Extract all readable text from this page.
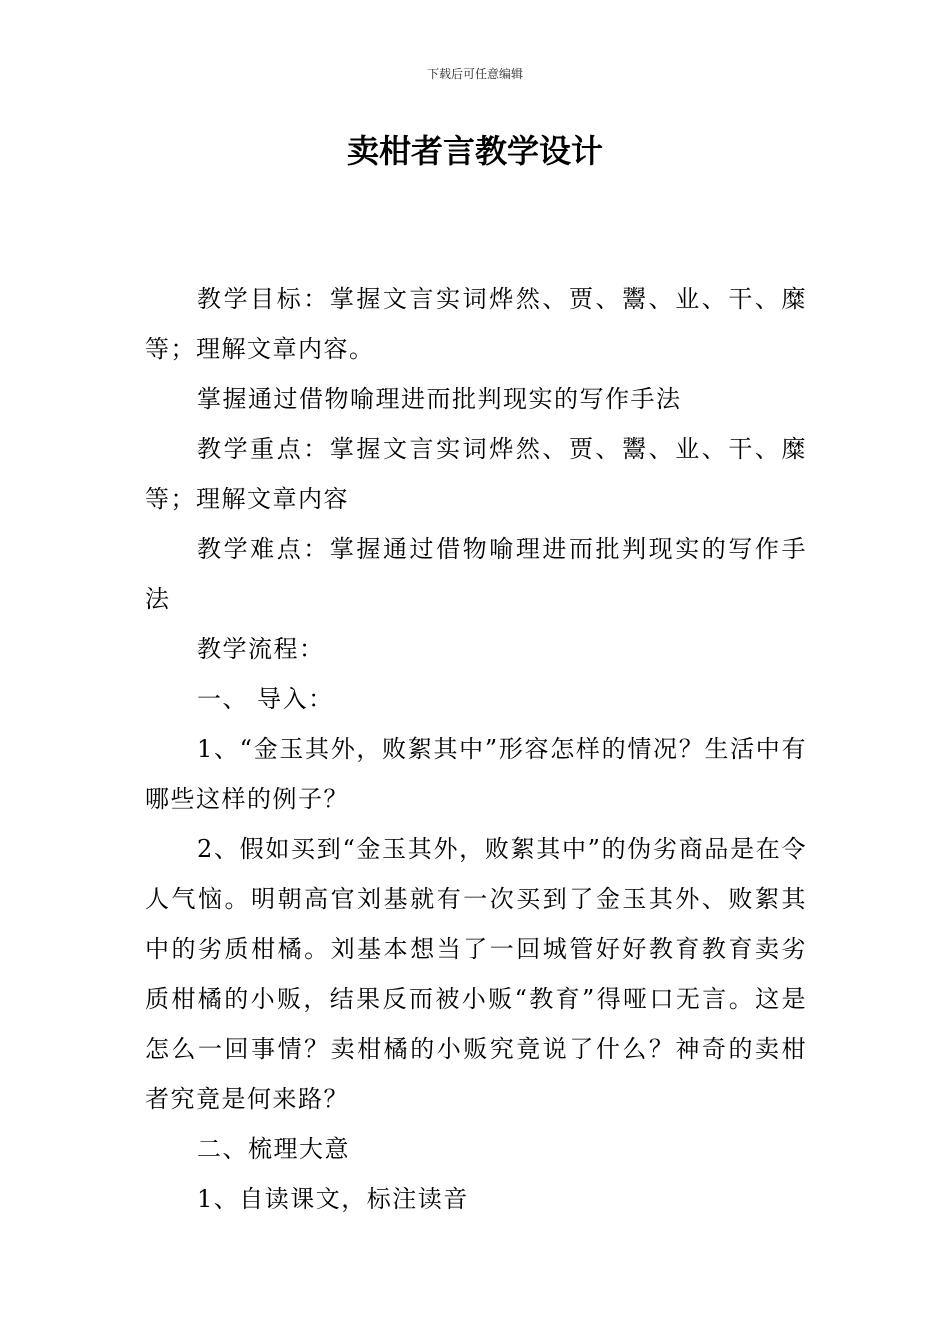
下载后可任意编辑
卖柑者言教学设计

教学目标：掌握文言实词烨然、贾、鬻、业、干、糜等；理解文章内容。

掌握通过借物喻理进而批判现实的写作手法

教学重点：掌握文言实词烨然、贾、鬻、业、干、糜等；理解文章内容

教学难点：掌握通过借物喻理进而批判现实的写作手法

教学流程：

一、 导入：

1、“金玉其外，败絮其中”形容怎样的情况？生活中有哪些这样的例子？

2、假如买到“金玉其外，败絮其中”的伪劣商品是在令人气恼。明朝高官刘基就有一次买到了金玉其外、败絮其中的劣质柑橘。刘基本想当了一回城管好好教育教育卖劣质柑橘的小贩，结果反而被小贩“教育”得哑口无言。这是怎么一回事情？卖柑橘的小贩究竟说了什么？神奇的卖柑者究竟是何来路？

二、梳理大意

1、自读课文，标注读音
